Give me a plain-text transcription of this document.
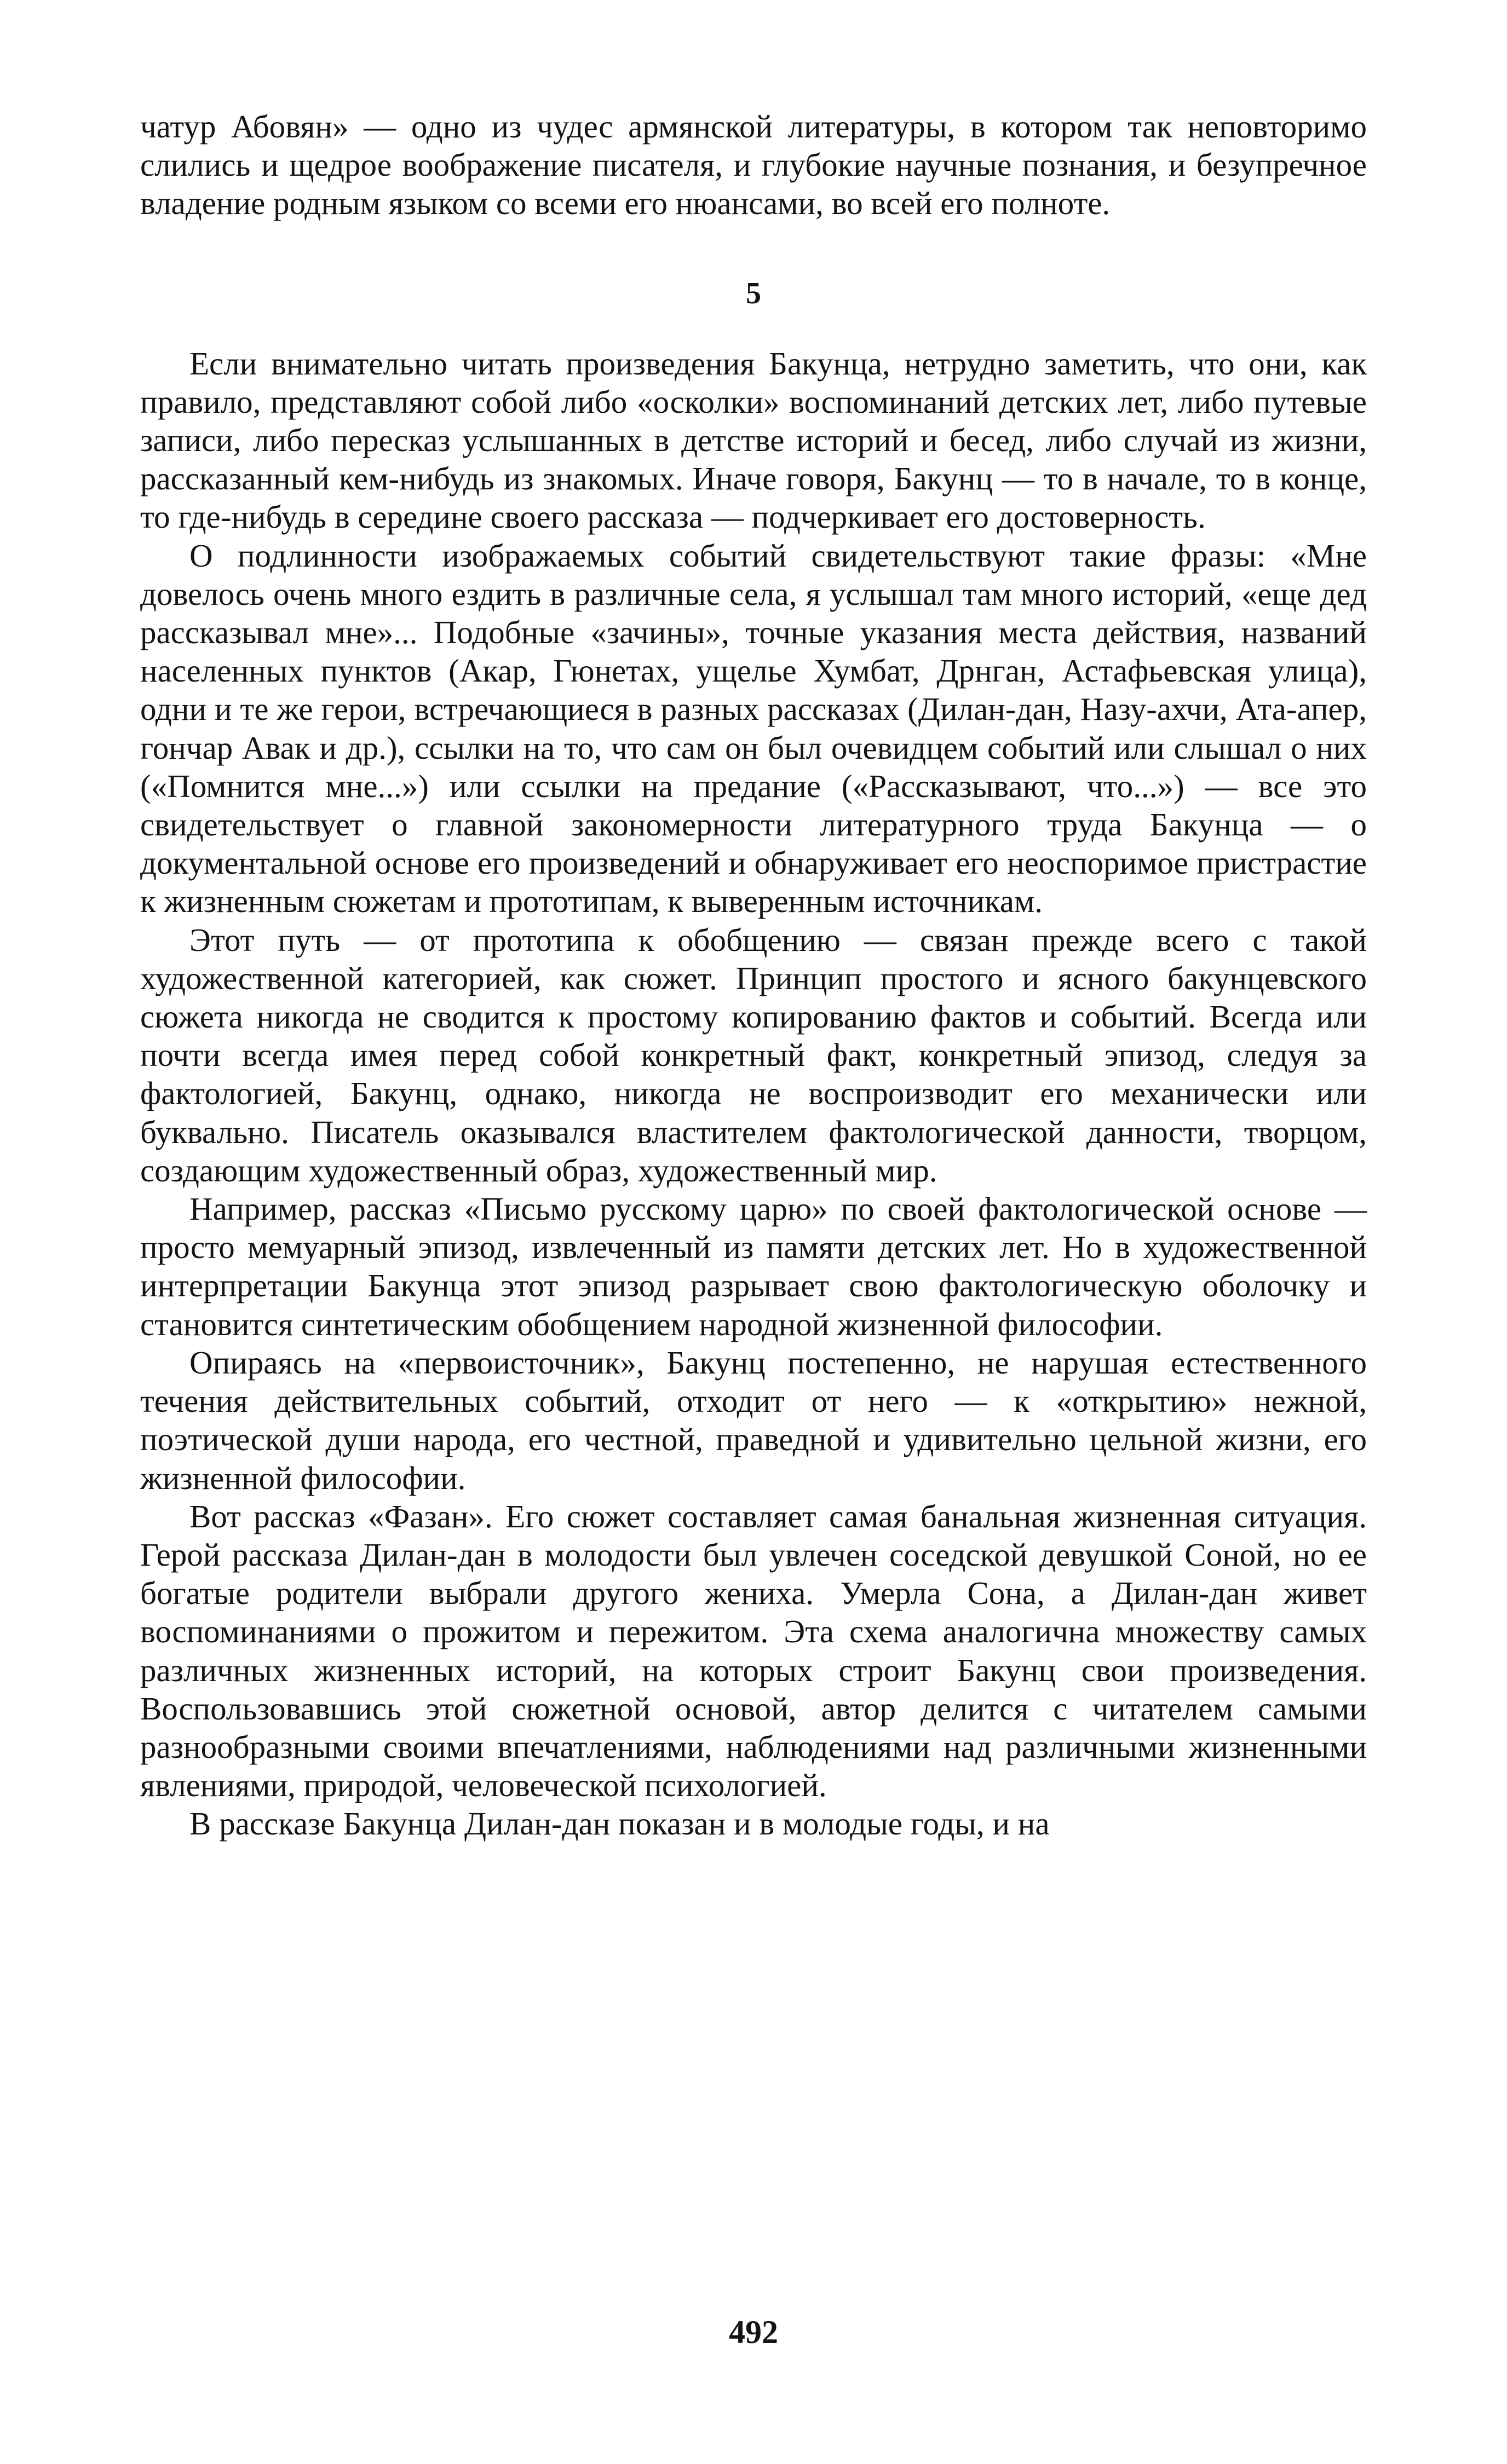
чатур Абовян» — одно из чудес армянской литературы, в котором так неповторимо слились и щедрое воображение писателя, и глубокие научные познания, и безупречное владение родным языком со всеми его нюансами, во всей его полноте.

5

Если внимательно читать произведения Бакунца, нетрудно заметить, что они, как правило, представляют собой либо «осколки» воспоминаний детских лет, либо путевые записи, либо пересказ услышанных в детстве историй и бесед, либо случай из жизни, рассказанный кем-нибудь из знакомых. Иначе говоря, Бакунц — то в начале, то в конце, то где-нибудь в середине своего рассказа — подчеркивает его достоверность.

О подлинности изображаемых событий свидетельствуют такие фразы: «Мне довелось очень много ездить в различные села, я услышал там много историй, «еще дед рассказывал мне»... Подобные «зачины», точные указания места действия, названий населенных пунктов (Акар, Гюнетах, ущелье Хумбат, Дрнган, Астафьевская улица), одни и те же герои, встречающиеся в разных рассказах (Дилан-дан, Назу-ахчи, Ата-апер, гончар Авак и др.), ссылки на то, что сам он был очевидцем событий или слышал о них («Помнится мне...») или ссылки на предание («Рассказывают, что...») — все это свидетельствует о главной закономерности литературного труда Бакунца — о документальной основе его произведений и обнаруживает его неоспоримое пристрастие к жизненным сюжетам и прототипам, к выверенным источникам.

Этот путь — от прототипа к обобщению — связан прежде всего с такой художественной категорией, как сюжет. Принцип простого и ясного бакунцевского сюжета никогда не сводится к простому копированию фактов и событий. Всегда или почти всегда имея перед собой конкретный факт, конкретный эпизод, следуя за фактологией, Бакунц, однако, никогда не воспроизводит его механически или буквально. Писатель оказывался властителем фактологической данности, творцом, создающим художественный образ, художественный мир.

Например, рассказ «Письмо русскому царю» по своей фактологической основе — просто мемуарный эпизод, извлеченный из памяти детских лет. Но в художественной интерпретации Бакунца этот эпизод разрывает свою фактологическую оболочку и становится синтетическим обобщением народной жизненной философии.

Опираясь на «первоисточник», Бакунц постепенно, не нарушая естественного течения действительных событий, отходит от него — к «открытию» нежной, поэтической души народа, его честной, праведной и удивительно цельной жизни, его жизненной философии.

Вот рассказ «Фазан». Его сюжет составляет самая банальная жизненная ситуация. Герой рассказа Дилан-дан в молодости был увлечен соседской девушкой Соной, но ее богатые родители выбрали другого жениха. Умерла Сона, а Дилан-дан живет воспоминаниями о прожитом и пережитом. Эта схема аналогична множеству самых различных жизненных историй, на которых строит Бакунц свои произведения. Воспользовавшись этой сюжетной основой, автор делится с читателем самыми разнообразными своими впечатлениями, наблюдениями над различными жизненными явлениями, природой, человеческой психологией.

В рассказе Бакунца Дилан-дан показан и в молодые годы, и на

492
